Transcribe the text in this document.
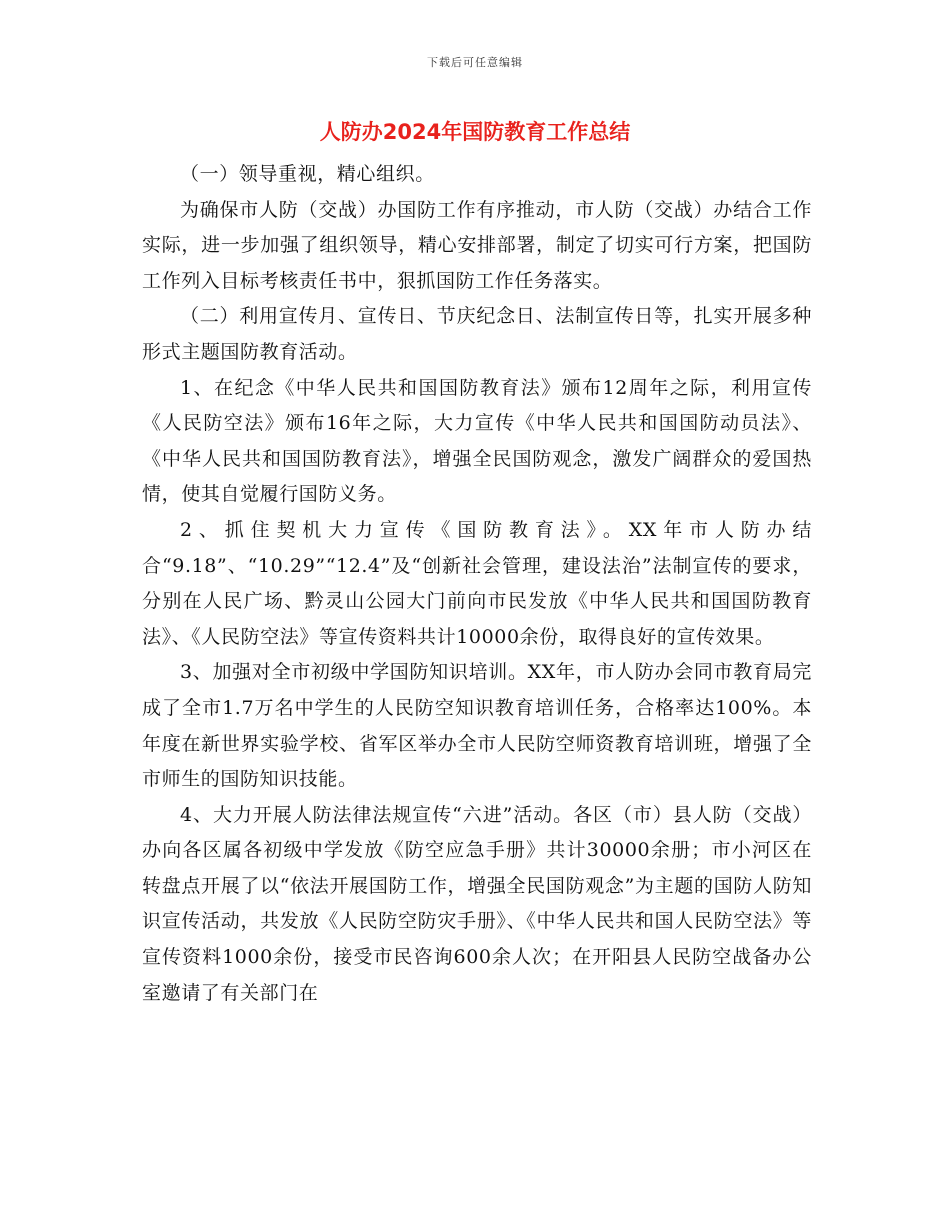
下载后可任意编辑
人防办2024年国防教育工作总结

（一）领导重视，精心组织。

为确保市人防（交战）办国防工作有序推动，市人防（交战）办结合工作实际，进一步加强了组织领导，精心安排部署，制定了切实可行方案，把国防工作列入目标考核责任书中，狠抓国防工作任务落实。

（二）利用宣传月、宣传日、节庆纪念日、法制宣传日等，扎实开展多种形式主题国防教育活动。

1、在纪念《中华人民共和国国防教育法》颁布12周年之际，利用宣传《人民防空法》颁布16年之际，大力宣传《中华人民共和国国防动员法》、《中华人民共和国国防教育法》，增强全民国防观念，激发广阔群众的爱国热情，使其自觉履行国防义务。

2、抓住契机大力宣传《国防教育法》。XX年市人防办结合“9.18”、“10.29”“12.4”及“创新社会管理，建设法治”法制宣传的要求，分别在人民广场、黔灵山公园大门前向市民发放《中华人民共和国国防教育法》、《人民防空法》等宣传资料共计10000余份，取得良好的宣传效果。

3、加强对全市初级中学国防知识培训。XX年，市人防办会同市教育局完成了全市1.7万名中学生的人民防空知识教育培训任务，合格率达100%。本年度在新世界实验学校、省军区举办全市人民防空师资教育培训班，增强了全市师生的国防知识技能。

4、大力开展人防法律法规宣传“六进”活动。各区（市）县人防（交战）办向各区属各初级中学发放《防空应急手册》共计30000余册；市小河区在转盘点开展了以“依法开展国防工作，增强全民国防观念”为主题的国防人防知识宣传活动，共发放《人民防空防灾手册》、《中华人民共和国人民防空法》等宣传资料1000余份，接受市民咨询600余人次；在开阳县人民防空战备办公室邀请了有关部门在
